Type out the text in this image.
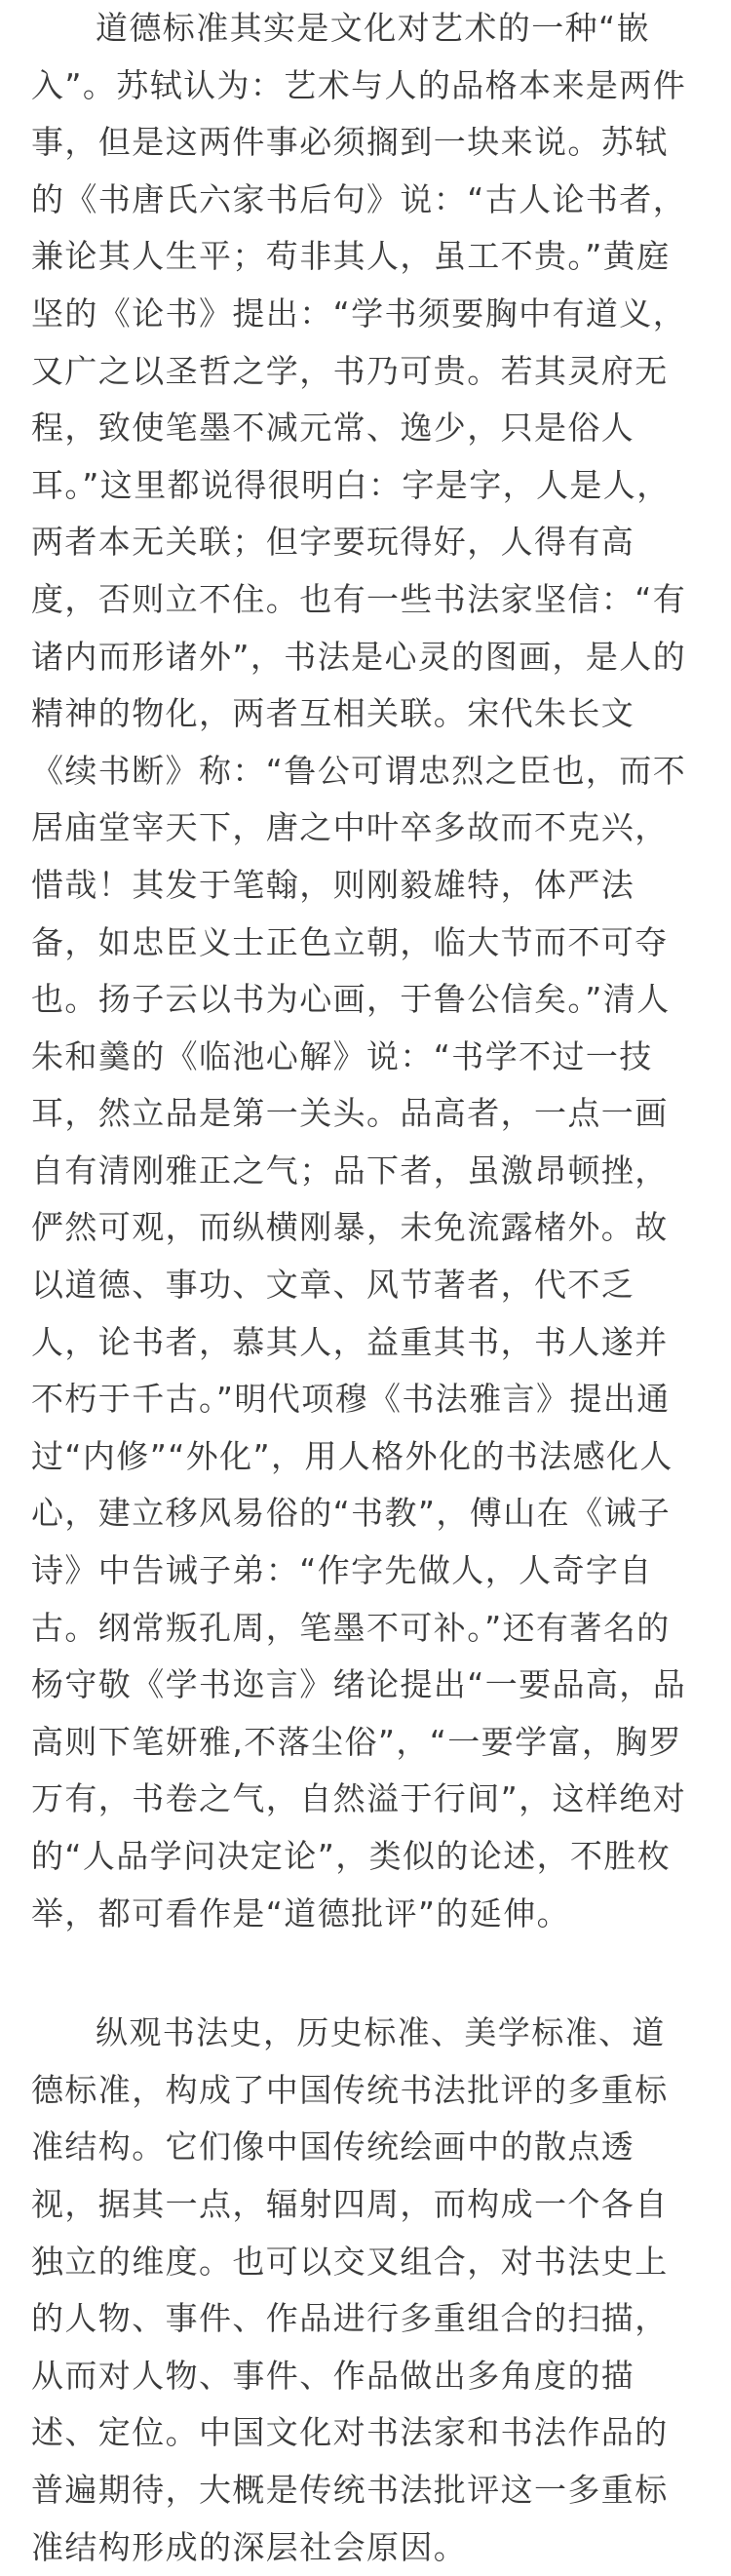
道德标准其实是文化对艺术的一种“嵌
入”。苏轼认为：艺术与人的品格本来是两件
事，但是这两件事必须搁到一块来说。苏轼
的《书唐氏六家书后句》说：“古人论书者，
兼论其人生平；苟非其人，虽工不贵。”黄庭
坚的《论书》提出：“学书须要胸中有道义，
又广之以圣哲之学，书乃可贵。若其灵府无
程，致使笔墨不减元常、逸少，只是俗人
耳。”这里都说得很明白：字是字，人是人，
两者本无关联；但字要玩得好，人得有高
度，否则立不住。也有一些书法家坚信：“有
诸内而形诸外”，书法是心灵的图画，是人的
精神的物化，两者互相关联。宋代朱长文
《续书断》称：“鲁公可谓忠烈之臣也，而不
居庙堂宰天下，唐之中叶卒多故而不克兴，
惜哉！其发于笔翰，则刚毅雄特，体严法
备，如忠臣义士正色立朝，临大节而不可夺
也。扬子云以书为心画，于鲁公信矣。”清人
朱和羹的《临池心解》说：“书学不过一技
耳，然立品是第一关头。品高者，一点一画
自有清刚雅正之气；品下者，虽激昂顿挫，
俨然可观，而纵横刚暴，未免流露楮外。故
以道德、事功、文章、风节著者，代不乏
人，论书者，慕其人，益重其书，书人遂并
不朽于千古。”明代项穆《书法雅言》提出通
过“内修”“外化”，用人格外化的书法感化人
心，建立移风易俗的“书教”，傅山在《诫子
诗》中告诫子弟：“作字先做人，人奇字自
古。纲常叛孔周，笔墨不可补。”还有著名的
杨守敬《学书迩言》绪论提出“一要品高，品
高则下笔妍雅,不落尘俗”，“一要学富，胸罗
万有，书卷之气，自然溢于行间”，这样绝对
的“人品学问决定论”，类似的论述，不胜枚
举，都可看作是“道德批评”的延伸。
纵观书法史，历史标准、美学标准、道
德标准，构成了中国传统书法批评的多重标
准结构。它们像中国传统绘画中的散点透
视，据其一点，辐射四周，而构成一个各自
独立的维度。也可以交叉组合，对书法史上
的人物、事件、作品进行多重组合的扫描，
从而对人物、事件、作品做出多角度的描
述、定位。中国文化对书法家和书法作品的
普遍期待，大概是传统书法批评这一多重标
准结构形成的深层社会原因。
